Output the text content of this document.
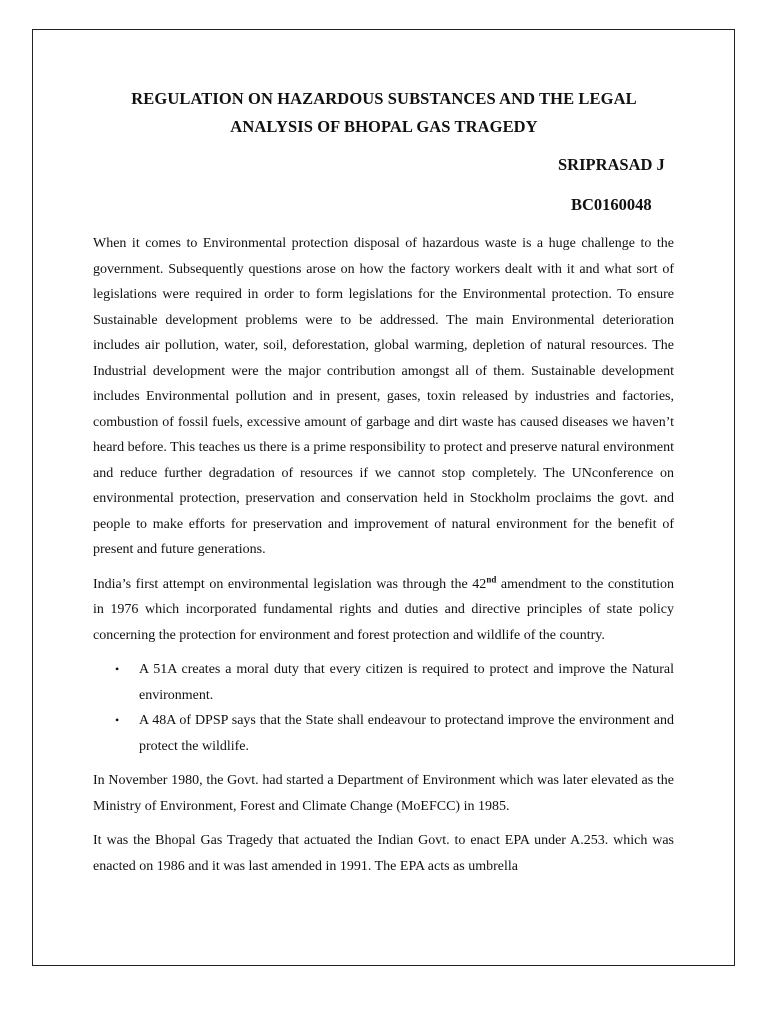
REGULATION ON HAZARDOUS SUBSTANCES AND THE LEGAL
ANALYSIS OF BHOPAL GAS TRAGEDY
SRIPRASAD J
BC0160048

When it comes to Environmental protection disposal of hazardous waste is a huge challenge to the government. Subsequently questions arose on how the factory workers dealt with it and what sort of legislations were required in order to form legislations for the Environmental protection. To ensure Sustainable development problems were to be addressed. The main Environmental deterioration includes air pollution, water, soil, deforestation, global warming, depletion of natural resources. The Industrial development were the major contribution amongst all of them. Sustainable development includes Environmental pollution and in present, gases, toxin released by industries and factories, combustion of fossil fuels, excessive amount of garbage and dirt waste has caused diseases we haven’t heard before. This teaches us there is a prime responsibility to protect and preserve natural environment and reduce further degradation of resources if we cannot stop completely. The UNconference on environmental protection, preservation and conservation held in Stockholm proclaims the govt. and people to make efforts for preservation and improvement of natural environment for the benefit of present and future generations.

India’s first attempt on environmental legislation was through the 42nd amendment to the constitution in 1976 which incorporated fundamental rights and duties and directive principles of state policy concerning the protection for environment and forest protection and wildlife of the country.

• A 51A creates a moral duty that every citizen is required to protect and improve the Natural environment.
• A 48A of DPSP says that the State shall endeavour to protectand improve the environment and protect the wildlife.

In November 1980, the Govt. had started a Department of Environment which was later elevated as the Ministry of Environment, Forest and Climate Change (MoEFCC) in 1985.

It was the Bhopal Gas Tragedy that actuated the Indian Govt. to enact EPA under A.253. which was enacted on 1986 and it was last amended in 1991. The EPA acts as umbrella
